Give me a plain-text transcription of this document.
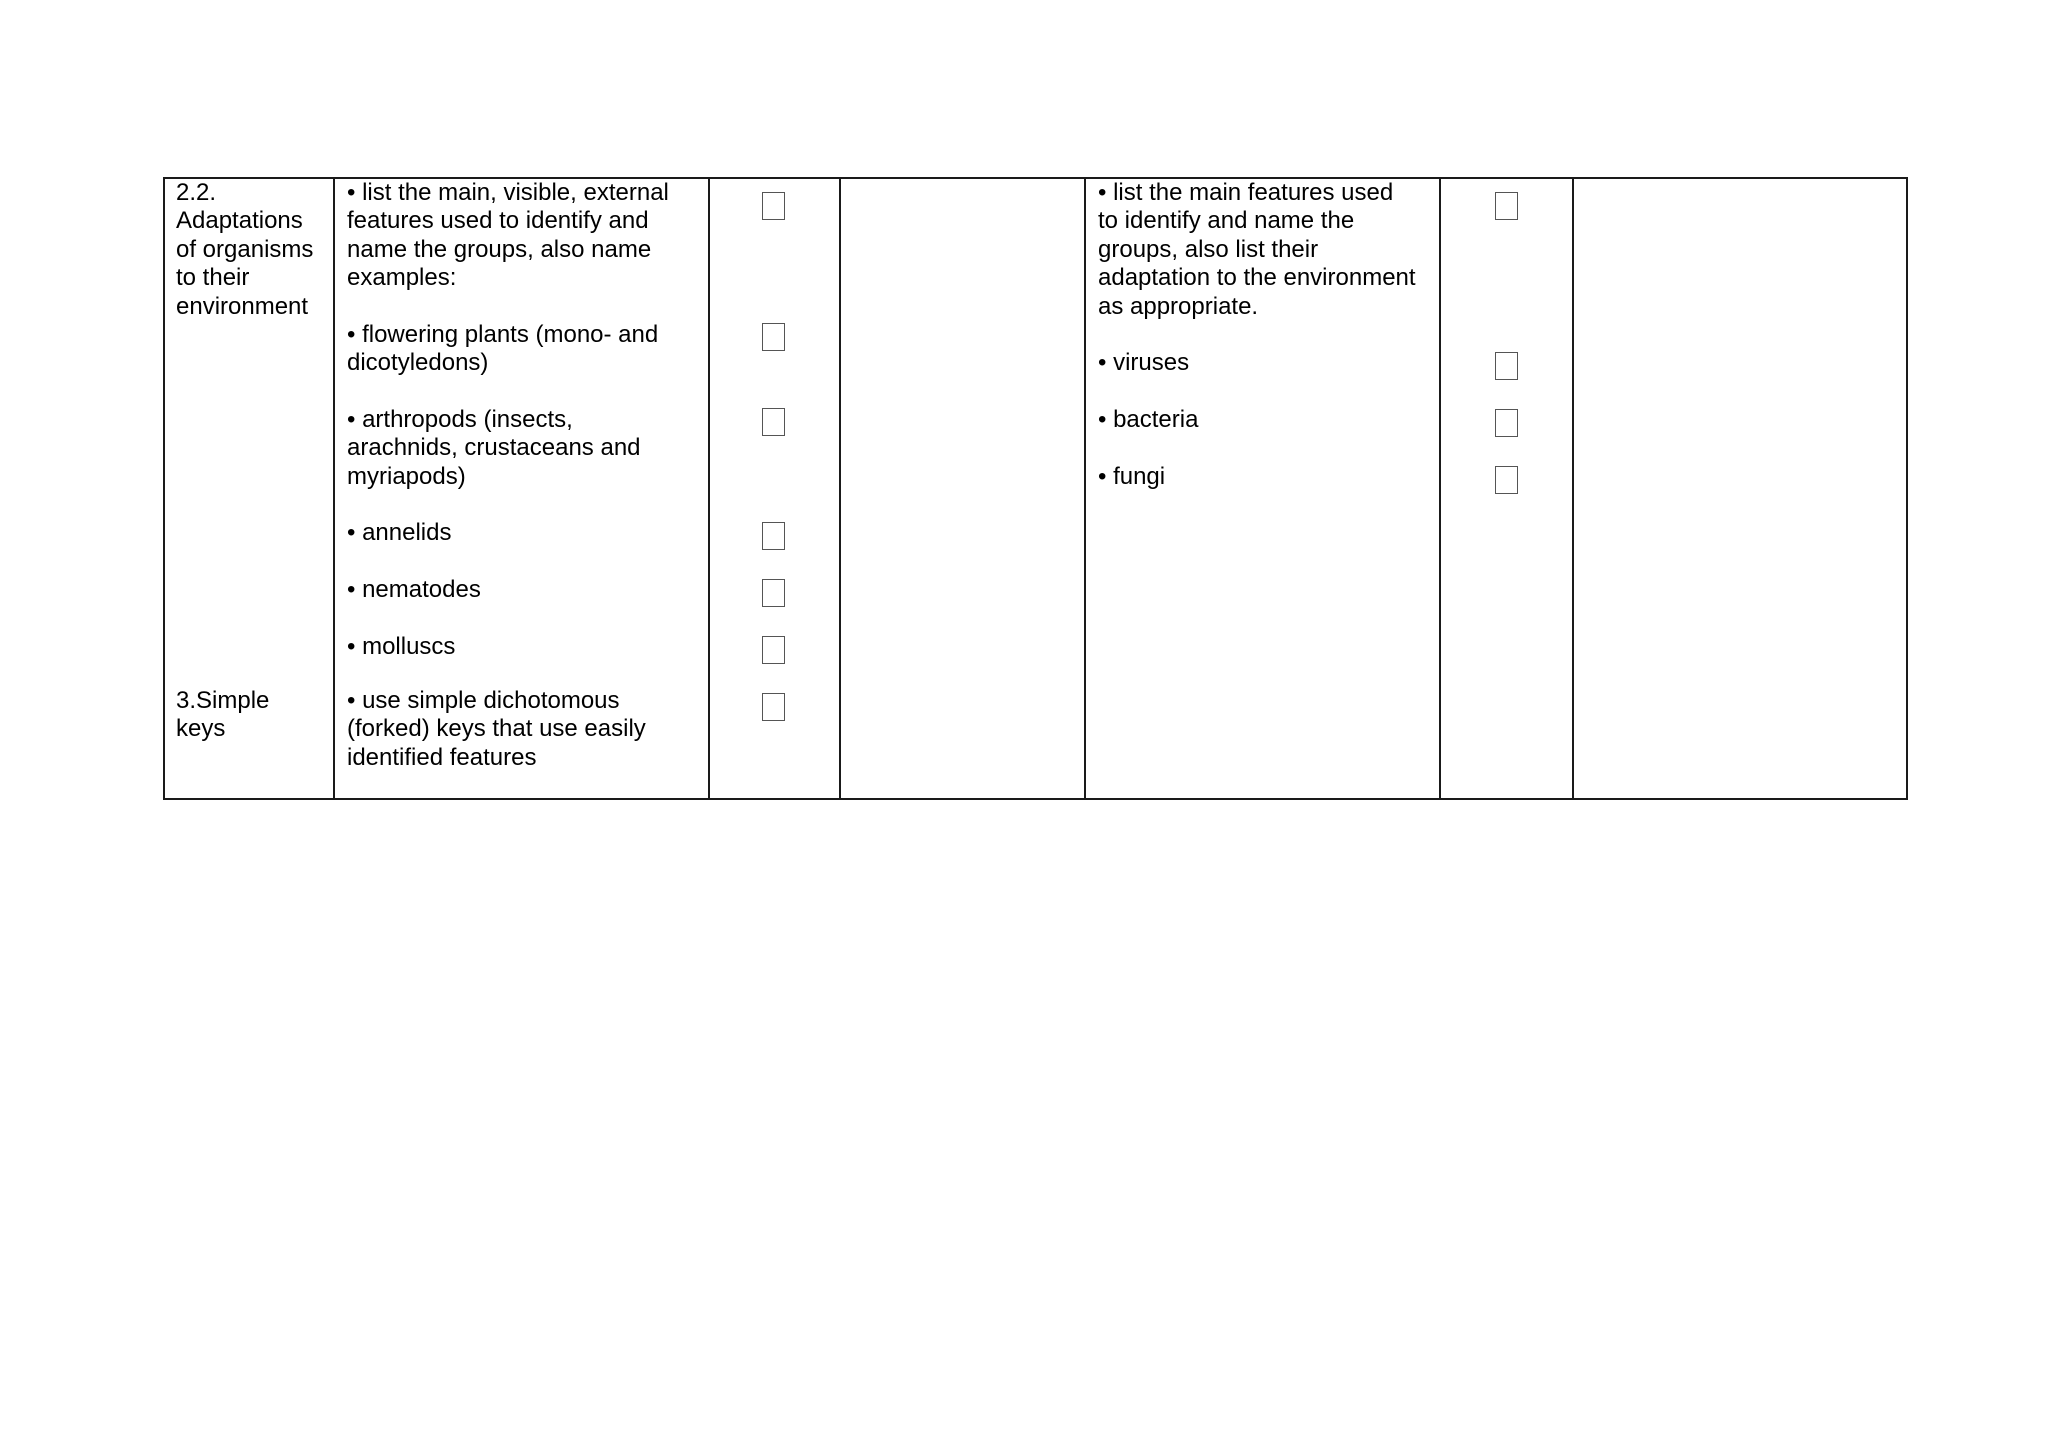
2.2.
Adaptations
of organisms
to their
environment
3.Simple
keys
• list the main, visible, external
features used to identify and
name the groups, also name
examples:
• flowering plants (mono- and
dicotyledons)
• arthropods (insects,
arachnids, crustaceans and
myriapods)
• annelids
• nematodes
• molluscs
• use simple dichotomous
(forked) keys that use easily
identified features
• list the main features used
to identify and name the
groups, also list their
adaptation to the environment
as appropriate.
• viruses
• bacteria
• fungi
